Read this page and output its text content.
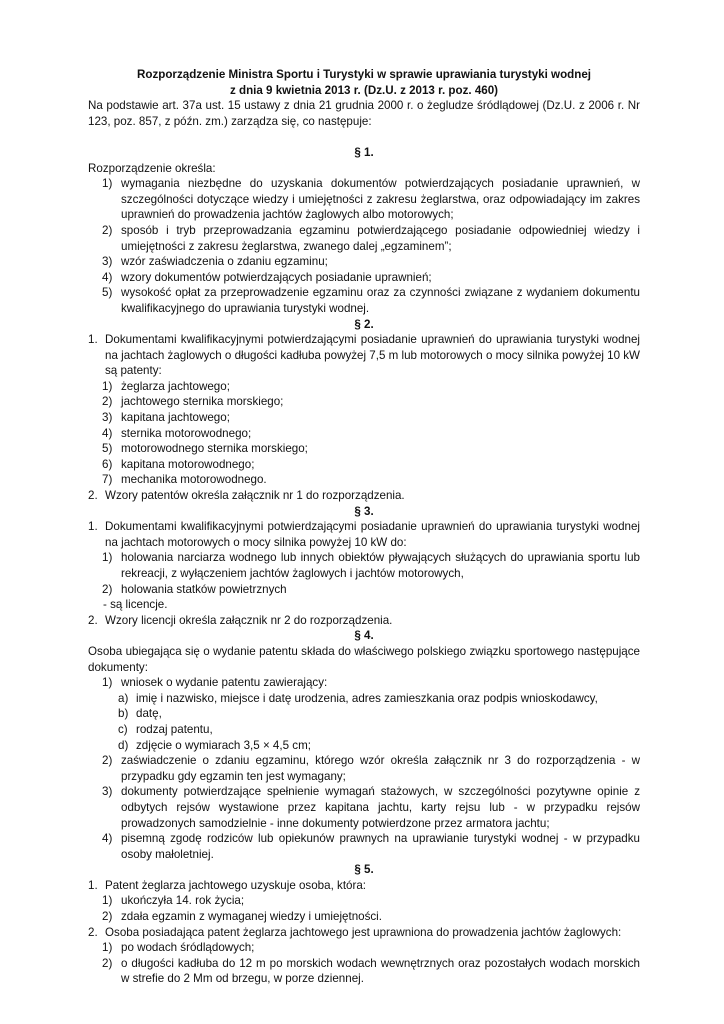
Rozporządzenie Ministra Sportu i Turystyki w sprawie uprawiania turystyki wodnej
z dnia 9 kwietnia 2013 r. (Dz.U. z 2013 r. poz. 460)
Na podstawie art. 37a ust. 15 ustawy z dnia 21 grudnia 2000 r. o żegludze śródlądowej (Dz.U. z 2006 r. Nr 123, poz. 857, z późn. zm.) zarządza się, co następuje:
§ 1.
Rozporządzenie określa:
1) wymagania niezbędne do uzyskania dokumentów potwierdzających posiadanie uprawnień, w szczególności dotyczące wiedzy i umiejętności z zakresu żeglarstwa, oraz odpowiadający im zakres uprawnień do prowadzenia jachtów żaglowych albo motorowych;
2) sposób i tryb przeprowadzania egzaminu potwierdzającego posiadanie odpowiedniej wiedzy i umiejętności z zakresu żeglarstwa, zwanego dalej „egzaminem”;
3) wzór zaświadczenia o zdaniu egzaminu;
4) wzory dokumentów potwierdzających posiadanie uprawnień;
5) wysokość opłat za przeprowadzenie egzaminu oraz za czynności związane z wydaniem dokumentu kwalifikacyjnego do uprawiania turystyki wodnej.
§ 2.
1. Dokumentami kwalifikacyjnymi potwierdzającymi posiadanie uprawnień do uprawiania turystyki wodnej na jachtach żaglowych o długości kadłuba powyżej 7,5 m lub motorowych o mocy silnika powyżej 10 kW są patenty:
1) żeglarza jachtowego;
2) jachtowego sternika morskiego;
3) kapitana jachtowego;
4) sternika motorowodnego;
5) motorowodnego sternika morskiego;
6) kapitana motorowodnego;
7) mechanika motorowodnego.
2. Wzory patentów określa załącznik nr 1 do rozporządzenia.
§ 3.
1. Dokumentami kwalifikacyjnymi potwierdzającymi posiadanie uprawnień do uprawiania turystyki wodnej na jachtach motorowych o mocy silnika powyżej 10 kW do:
1) holowania narciarza wodnego lub innych obiektów pływających służących do uprawiania sportu lub rekreacji, z wyłączeniem jachtów żaglowych i jachtów motorowych,
2) holowania statków powietrznych
- są licencje.
2. Wzory licencji określa załącznik nr 2 do rozporządzenia.
§ 4.
Osoba ubiegająca się o wydanie patentu składa do właściwego polskiego związku sportowego następujące dokumenty:
1) wniosek o wydanie patentu zawierający:
a) imię i nazwisko, miejsce i datę urodzenia, adres zamieszkania oraz podpis wnioskodawcy,
b) datę,
c) rodzaj patentu,
d) zdjęcie o wymiarach 3,5 × 4,5 cm;
2) zaświadczenie o zdaniu egzaminu, którego wzór określa załącznik nr 3 do rozporządzenia - w przypadku gdy egzamin ten jest wymagany;
3) dokumenty potwierdzające spełnienie wymagań stażowych, w szczególności pozytywne opinie z odbytych rejsów wystawione przez kapitana jachtu, karty rejsu lub - w przypadku rejsów prowadzonych samodzielnie - inne dokumenty potwierdzone przez armatora jachtu;
4) pisemną zgodę rodziców lub opiekunów prawnych na uprawianie turystyki wodnej - w przypadku osoby małoletniej.
§ 5.
1. Patent żeglarza jachtowego uzyskuje osoba, która:
1) ukończyła 14. rok życia;
2) zdała egzamin z wymaganej wiedzy i umiejętności.
2. Osoba posiadająca patent żeglarza jachtowego jest uprawniona do prowadzenia jachtów żaglowych:
1) po wodach śródlądowych;
2) o długości kadłuba do 12 m po morskich wodach wewnętrznych oraz pozostałych wodach morskich w strefie do 2 Mm od brzegu, w porze dziennej.
